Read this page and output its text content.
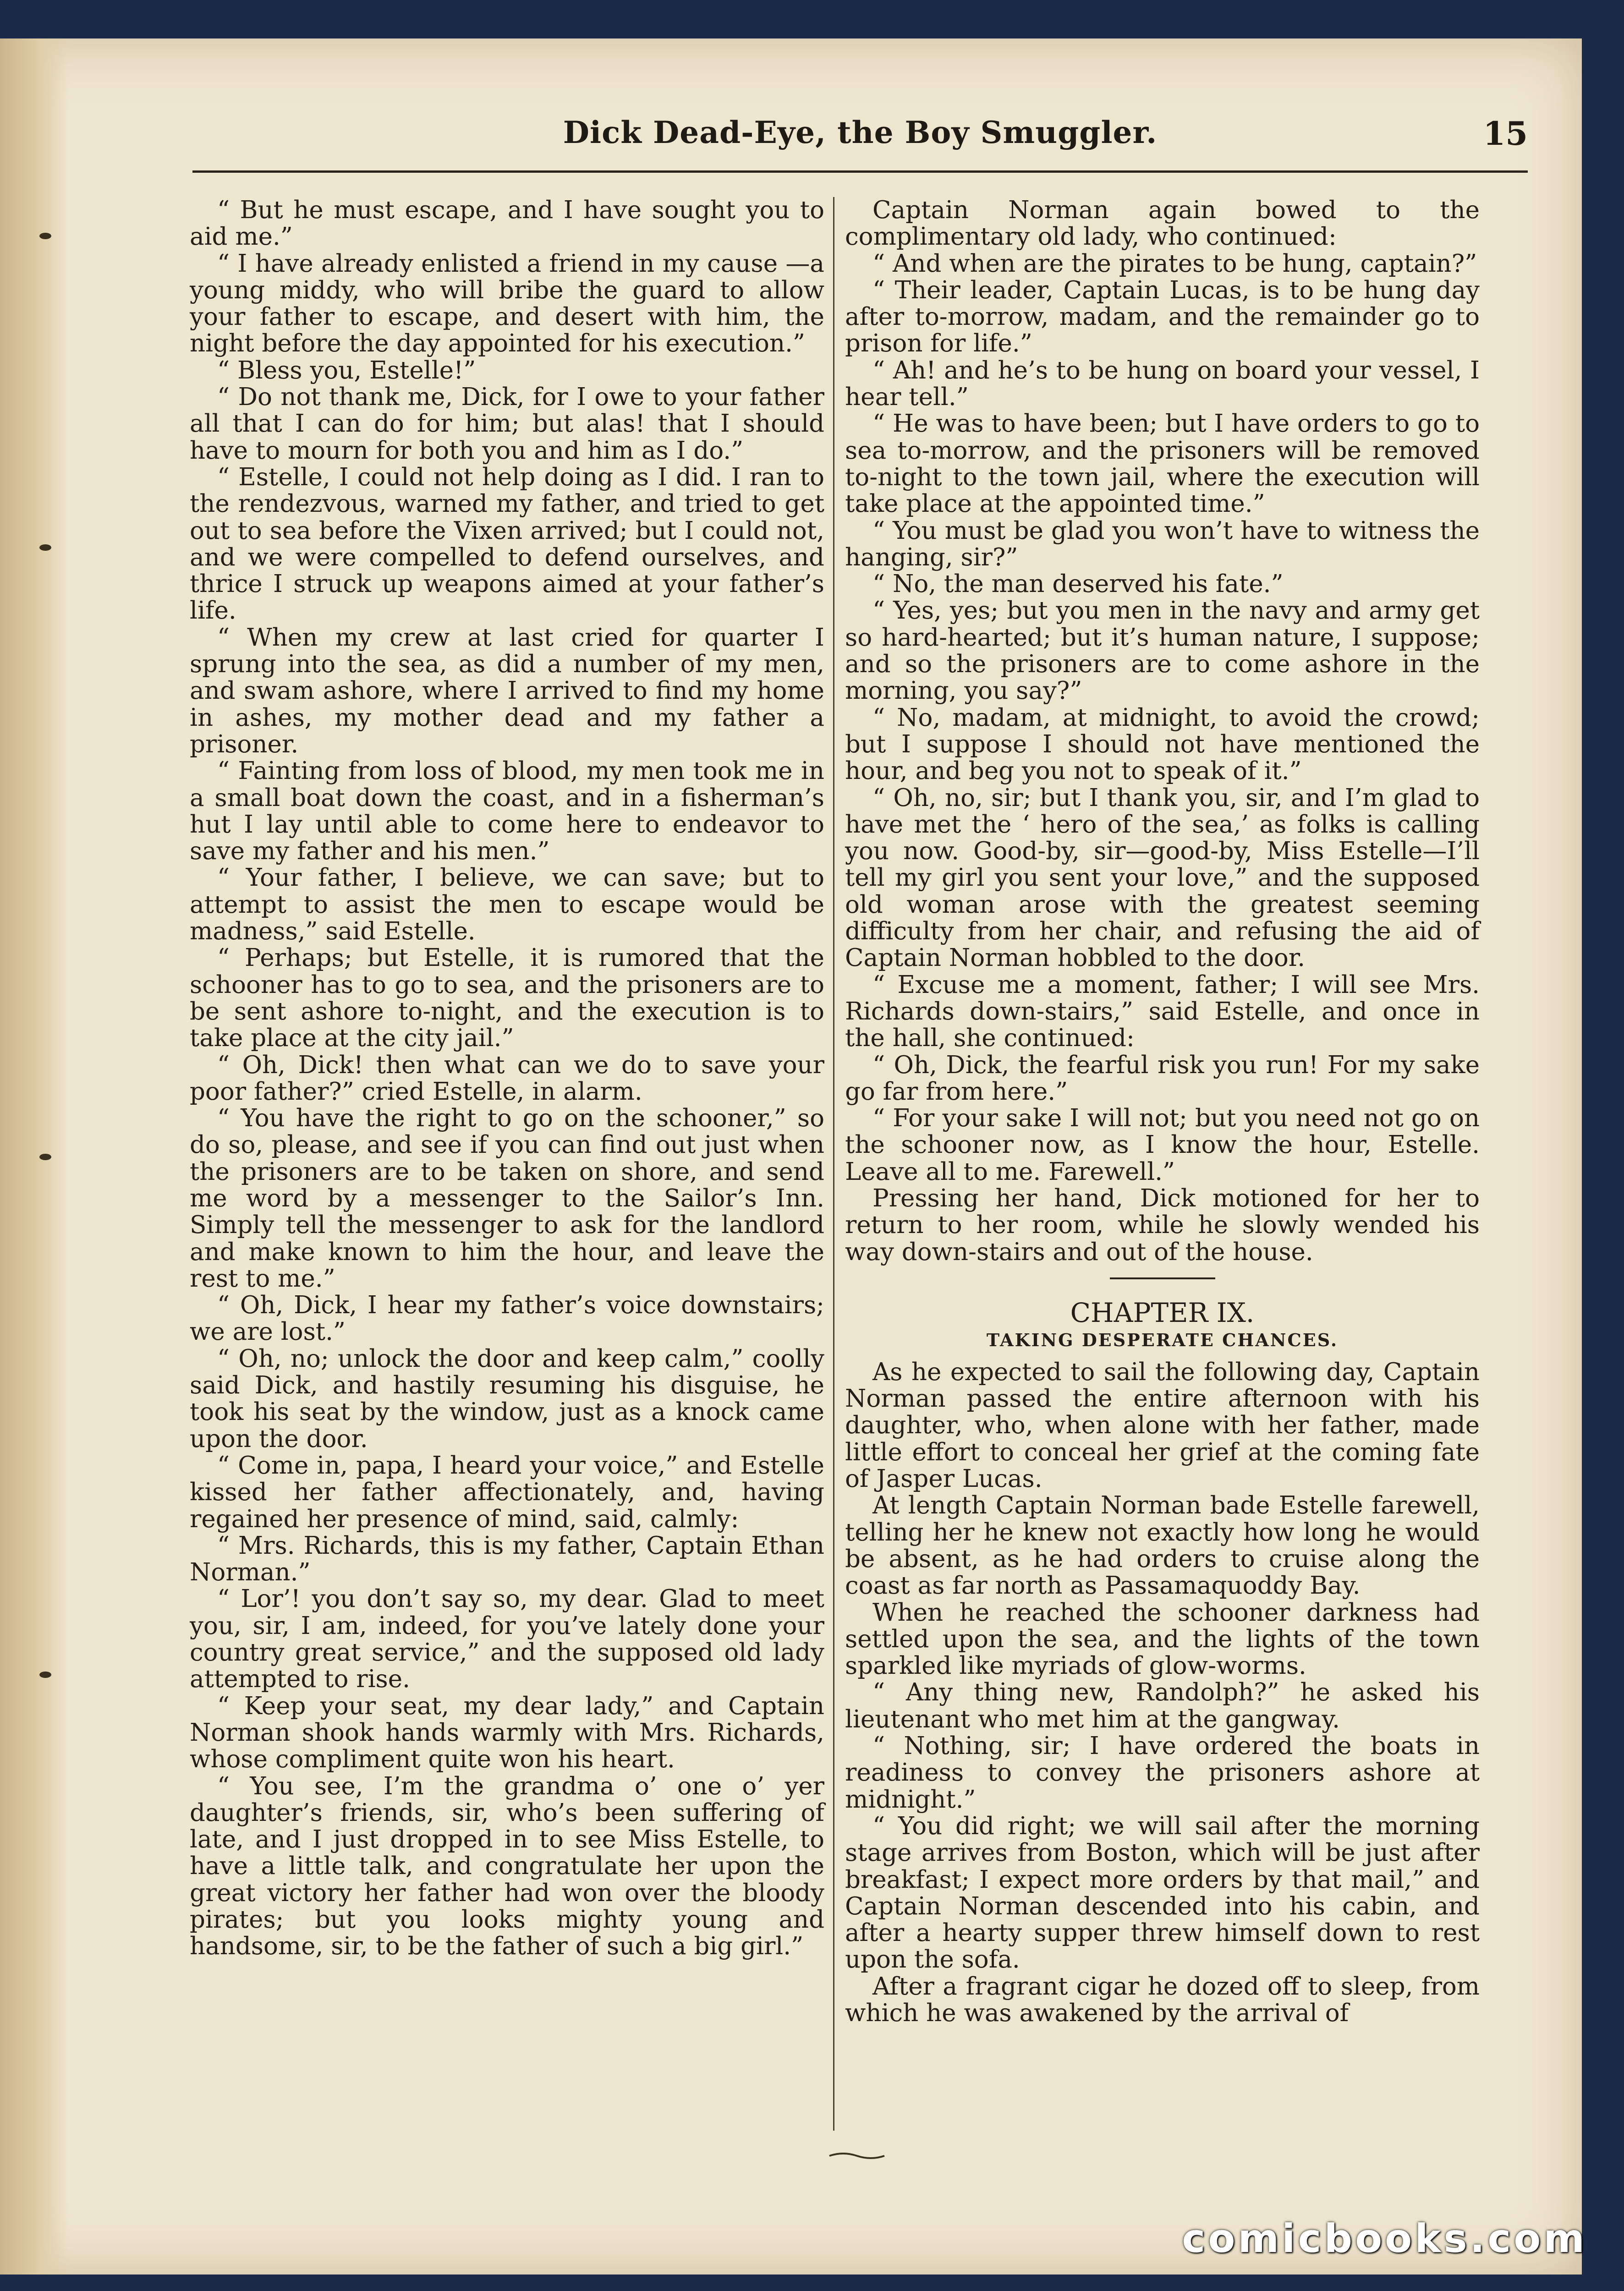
Dick Dead-Eye, the Boy Smuggler.	15

“ But he must escape, and I have sought you to aid me.”

“ I have already enlisted a friend in my cause —a young middy, who will bribe the guard to allow your father to escape, and desert with him, the night before the day appointed for his execution.”

“ Bless you, Estelle!”

“ Do not thank me, Dick, for I owe to your father all that I can do for him; but alas! that I should have to mourn for both you and him as I do.”

“ Estelle, I could not help doing as I did. I ran to the rendezvous, warned my father, and tried to get out to sea before the Vixen arrived; but I could not, and we were compelled to defend ourselves, and thrice I struck up weapons aimed at your father’s life.

“ When my crew at last cried for quarter I sprung into the sea, as did a number of my men, and swam ashore, where I arrived to find my home in ashes, my mother dead and my father a prisoner.

“ Fainting from loss of blood, my men took me in a small boat down the coast, and in a fisherman’s hut I lay until able to come here to endeavor to save my father and his men.”

“ Your father, I believe, we can save; but to attempt to assist the men to escape would be madness,” said Estelle.

“ Perhaps; but Estelle, it is rumored that the schooner has to go to sea, and the prisoners are to be sent ashore to-night, and the execution is to take place at the city jail.”

“ Oh, Dick! then what can we do to save your poor father?” cried Estelle, in alarm.

“ You have the right to go on the schooner,” so do so, please, and see if you can find out just when the prisoners are to be taken on shore, and send me word by a messenger to the Sailor’s Inn. Simply tell the messenger to ask for the landlord and make known to him the hour, and leave the rest to me.”

“ Oh, Dick, I hear my father’s voice downstairs; we are lost.”

“ Oh, no; unlock the door and keep calm,” coolly said Dick, and hastily resuming his disguise, he took his seat by the window, just as a knock came upon the door.

“ Come in, papa, I heard your voice,” and Estelle kissed her father affectionately, and, having regained her presence of mind, said, calmly:

“ Mrs. Richards, this is my father, Captain Ethan Norman.”

“ Lor’! you don’t say so, my dear. Glad to meet you, sir, I am, indeed, for you’ve lately done your country great service,” and the supposed old lady attempted to rise.

“ Keep your seat, my dear lady,” and Captain Norman shook hands warmly with Mrs. Richards, whose compliment quite won his heart.

“ You see, I’m the grandma o’ one o’ yer daughter’s friends, sir, who’s been suffering of late, and I just dropped in to see Miss Estelle, to have a little talk, and congratulate her upon the great victory her father had won over the bloody pirates; but you looks mighty young and handsome, sir, to be the father of such a big girl.”

Captain Norman again bowed to the complimentary old lady, who continued:

“ And when are the pirates to be hung, captain?”

“ Their leader, Captain Lucas, is to be hung day after to-morrow, madam, and the remainder go to prison for life.”

“ Ah! and he’s to be hung on board your vessel, I hear tell.”

“ He was to have been; but I have orders to go to sea to-morrow, and the prisoners will be removed to-night to the town jail, where the execution will take place at the appointed time.”

“ You must be glad you won’t have to witness the hanging, sir?”

“ No, the man deserved his fate.”

“ Yes, yes; but you men in the navy and army get so hard-hearted; but it’s human nature, I suppose; and so the prisoners are to come ashore in the morning, you say?”

“ No, madam, at midnight, to avoid the crowd; but I suppose I should not have mentioned the hour, and beg you not to speak of it.”

“ Oh, no, sir; but I thank you, sir, and I’m glad to have met the ‘ hero of the sea,’ as folks is calling you now. Good-by, sir—good-by, Miss Estelle—I’ll tell my girl you sent your love,” and the supposed old woman arose with the greatest seeming difficulty from her chair, and refusing the aid of Captain Norman hobbled to the door.

“ Excuse me a moment, father; I will see Mrs. Richards down-stairs,” said Estelle, and once in the hall, she continued:

“ Oh, Dick, the fearful risk you run! For my sake go far from here.”

“ For your sake I will not; but you need not go on the schooner now, as I know the hour, Estelle. Leave all to me. Farewell.”

Pressing her hand, Dick motioned for her to return to her room, while he slowly wended his way down-stairs and out of the house.

CHAPTER IX.
TAKING DESPERATE CHANCES.

As he expected to sail the following day, Captain Norman passed the entire afternoon with his daughter, who, when alone with her father, made little effort to conceal her grief at the coming fate of Jasper Lucas.

At length Captain Norman bade Estelle farewell, telling her he knew not exactly how long he would be absent, as he had orders to cruise along the coast as far north as Passamaquoddy Bay.

When he reached the schooner darkness had settled upon the sea, and the lights of the town sparkled like myriads of glow-worms.

“ Any thing new, Randolph?” he asked his lieutenant who met him at the gangway.

“ Nothing, sir; I have ordered the boats in readiness to convey the prisoners ashore at midnight.”

“ You did right; we will sail after the morning stage arrives from Boston, which will be just after breakfast; I expect more orders by that mail,” and Captain Norman descended into his cabin, and after a hearty supper threw himself down to rest upon the sofa.

After a fragrant cigar he dozed off to sleep, from which he was awakened by the arrival of

comicbooks.com
